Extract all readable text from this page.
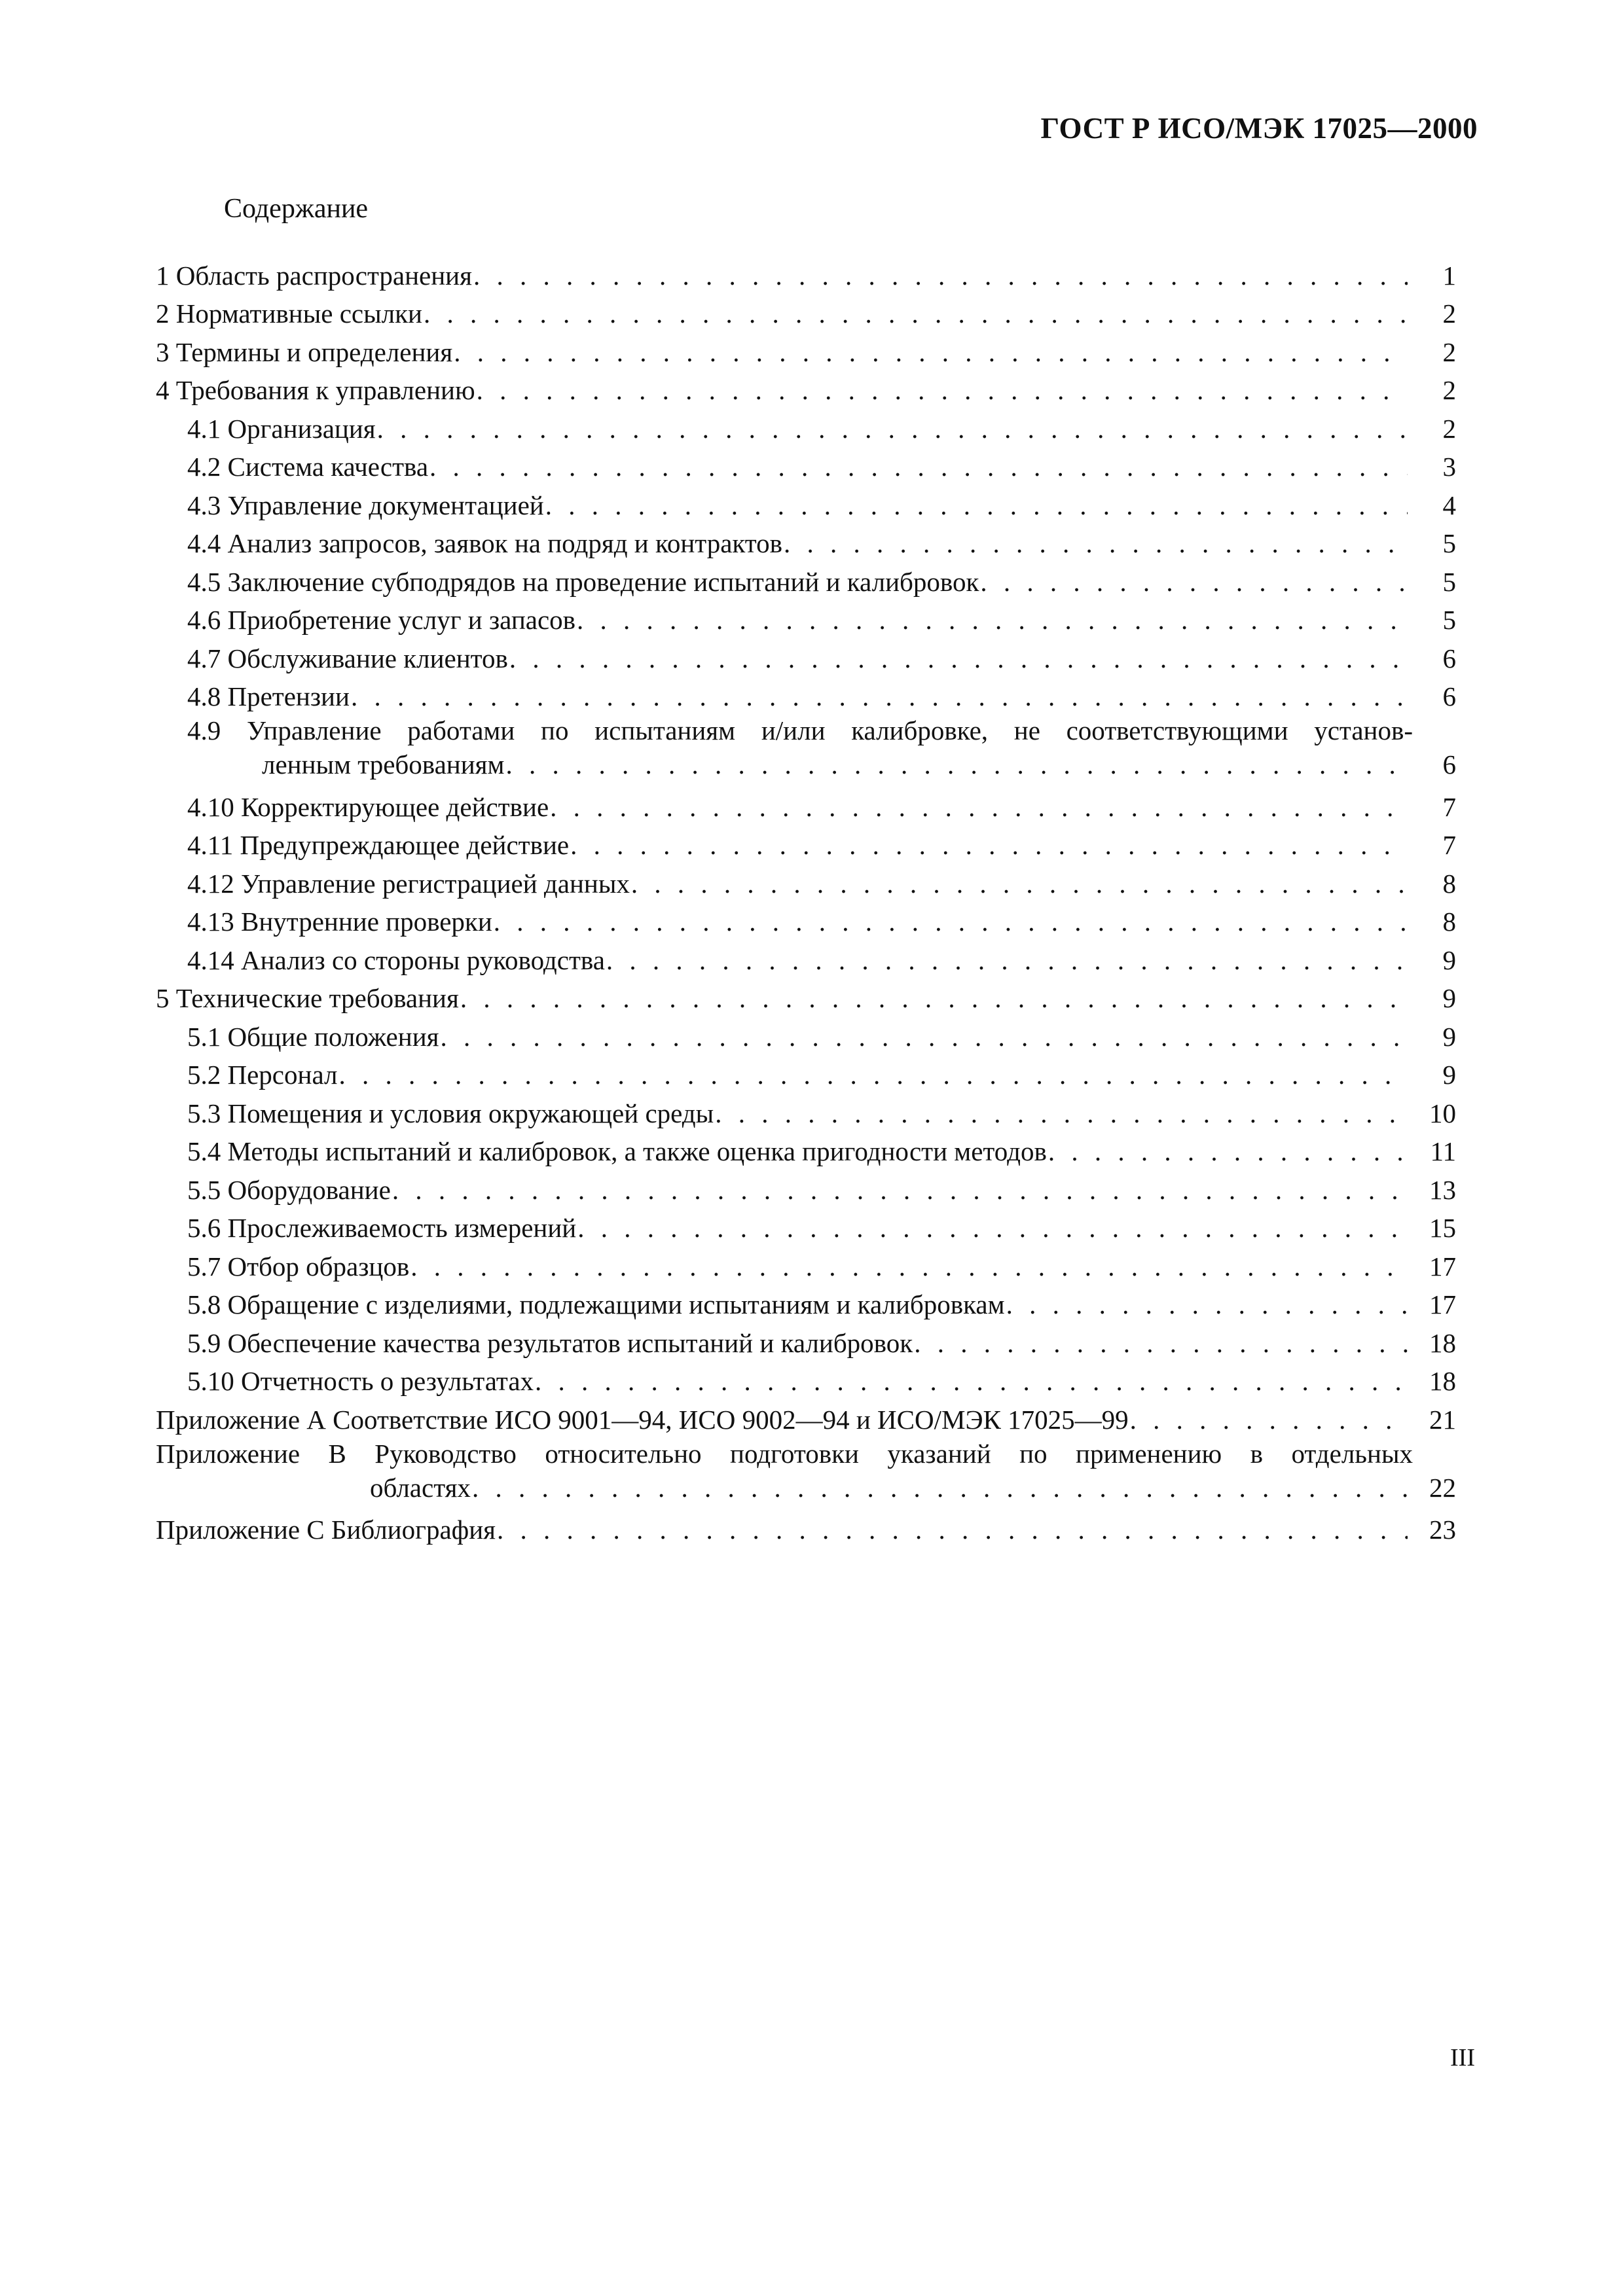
ГОСТ Р ИСО/МЭК 17025—2000
Содержание
1 Область распространения . . .	1
2 Нормативные ссылки . . .	2
3 Термины и определения . . .	2
4 Требования к управлению . . .	2
4.1 Организация . . .	2
4.2 Система качества . . .	3
4.3 Управление документацией . . .	4
4.4 Анализ запросов, заявок на подряд и контрактов . . .	5
4.5 Заключение субподрядов на проведение испытаний и калибровок . . .	5
4.6 Приобретение услуг и запасов . . .	5
4.7 Обслуживание клиентов . . .	6
4.8 Претензии . . .	6
4.9 Управление работами по испытаниям и/или калибровке, не соответствующими установ-
ленным требованиям . . .	6
4.10 Корректирующее действие . . .	7
4.11 Предупреждающее действие . . .	7
4.12 Управление регистрацией данных . . .	8
4.13 Внутренние проверки . . .	8
4.14 Анализ со стороны руководства . . .	9
5 Технические требования . . .	9
5.1 Общие положения . . .	9
5.2 Персонал . . .	9
5.3 Помещения и условия окружающей среды . . .	10
5.4 Методы испытаний и калибровок, а также оценка пригодности методов . . .	11
5.5 Оборудование . . .	13
5.6 Прослеживаемость измерений . . .	15
5.7 Отбор образцов . . .	17
5.8 Обращение с изделиями, подлежащими испытаниям и калибровкам . . .	17
5.9 Обеспечение качества результатов испытаний и калибровок . . .	18
5.10 Отчетность о результатах . . .	18
Приложение А Соответствие ИСО 9001—94, ИСО 9002—94 и ИСО/МЭК 17025—99 . . .	21
Приложение В Руководство относительно подготовки указаний по применению в отдельных
областях . . .	22
Приложение С Библиография . . .	23
III
